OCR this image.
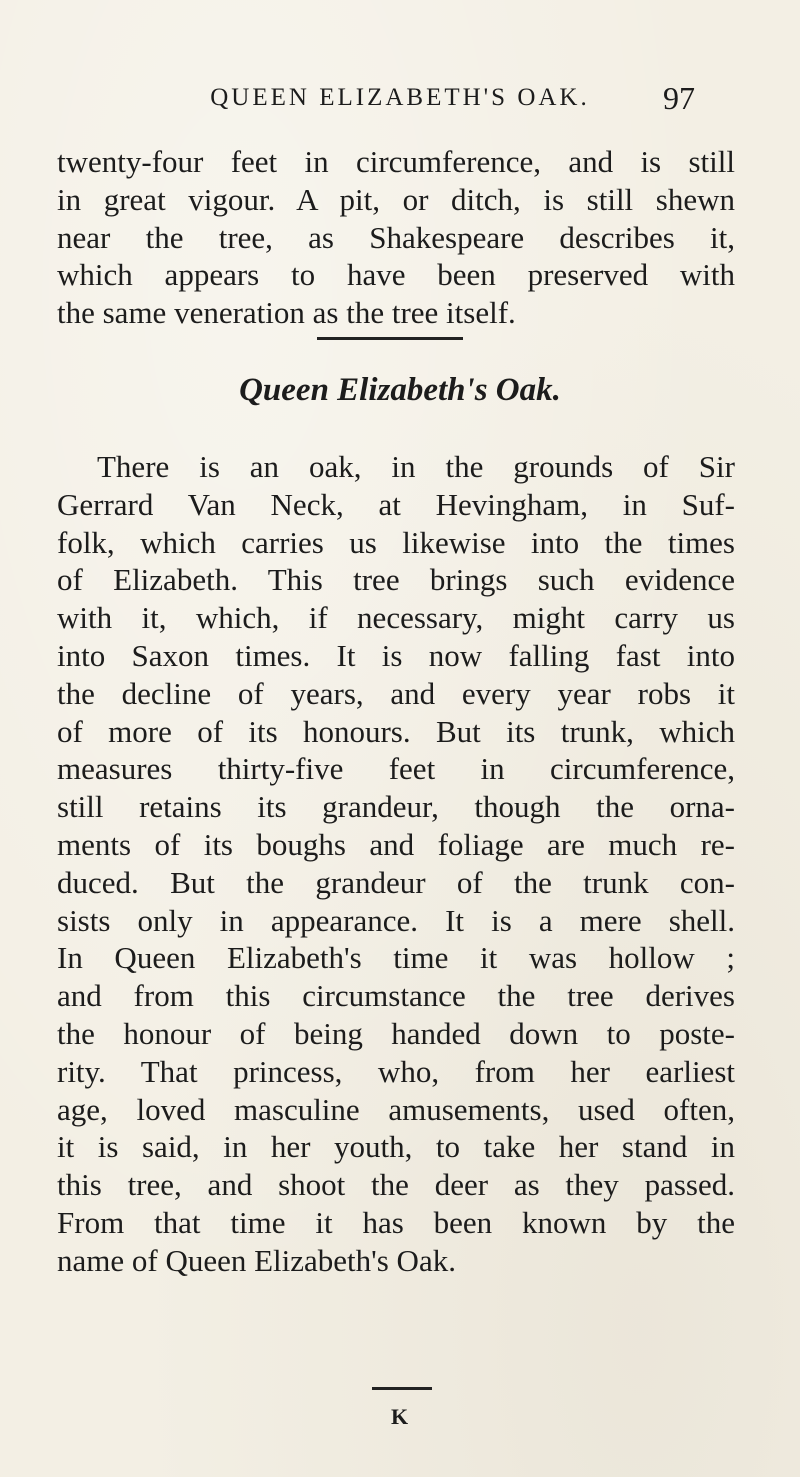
QUEEN ELIZABETH'S OAK.	97
twenty-four feet in circumference, and is still
in great vigour. A pit, or ditch, is still shewn
near the tree, as Shakespeare describes it,
which appears to have been preserved with
the same veneration as the tree itself.
Queen Elizabeth's Oak.
There is an oak, in the grounds of Sir
Gerrard Van Neck, at Hevingham, in Suf-
folk, which carries us likewise into the times
of Elizabeth. This tree brings such evidence
with it, which, if necessary, might carry us
into Saxon times. It is now falling fast into
the decline of years, and every year robs it
of more of its honours. But its trunk, which
measures thirty-five feet in circumference,
still retains its grandeur, though the orna-
ments of its boughs and foliage are much re-
duced. But the grandeur of the trunk con-
sists only in appearance. It is a mere shell.
In Queen Elizabeth's time it was hollow ;
and from this circumstance the tree derives
the honour of being handed down to poste-
rity. That princess, who, from her earliest
age, loved masculine amusements, used often,
it is said, in her youth, to take her stand in
this tree, and shoot the deer as they passed.
From that time it has been known by the
name of Queen Elizabeth's Oak.
K
